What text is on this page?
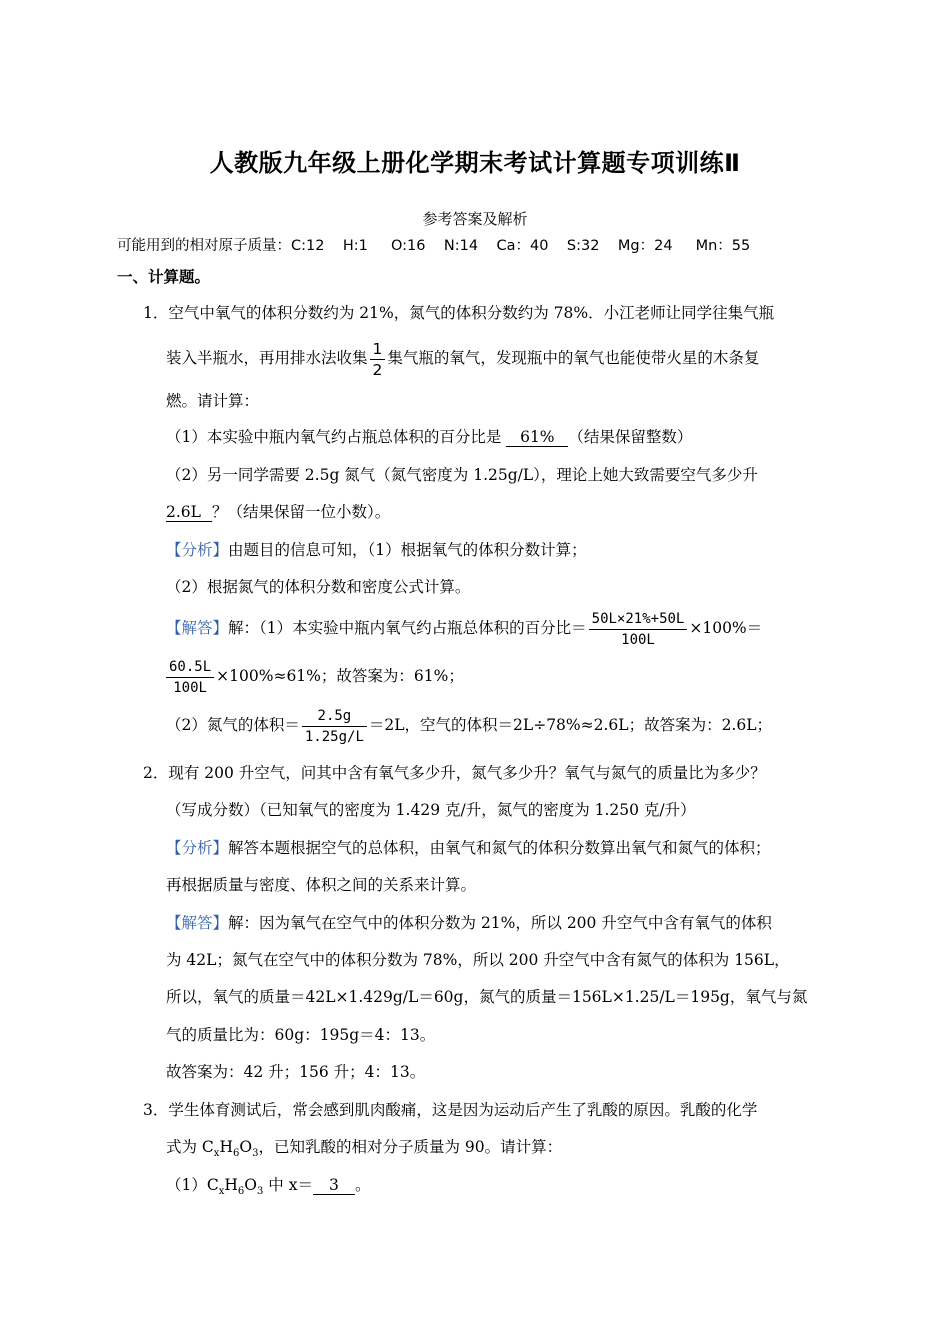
人教版九年级上册化学期末考试计算题专项训练Ⅱ
参考答案及解析
可能用到的相对原子质量：C:12    H:1     O:16    N:14    Ca：40    S:32    Mg：24     Mn：55
一、计算题。
1．空气中氧气的体积分数约为 21%，氮气的体积分数约为 78%．小江老师让同学往集气瓶
装入半瓶水，再用排水法收集 $\frac{1}{2}$ 集气瓶的氧气，发现瓶中的氧气也能使带火星的木条复
燃。请计算：
（1）本实验中瓶内氧气约占瓶总体积的百分比是 61% （结果保留整数）
（2）另一同学需要 2.5g 氮气（氮气密度为 1.25g/L），理论上她大致需要空气多少升
2.6L ？（结果保留一位小数）。
【分析】由题目的信息可知，（1）根据氧气的体积分数计算；
（2）根据氮气的体积分数和密度公式计算。
【解答】解：（1）本实验中瓶内氧气约占瓶总体积的百分比＝ $\frac{50L\times 21\%+50L}{100L} \times 100\%=$
$\frac{60.5L}{100L} \times 100\%\approx 61\%$；故答案为：61%；
（2）氮气的体积＝ $\frac{2.5g}{1.25g/L} =2L$，空气的体积＝2L÷78%≈2.6L；故答案为：2.6L；
2．现有 200 升空气，问其中含有氧气多少升，氮气多少升？氧气与氮气的质量比为多少？
（写成分数）（已知氧气的密度为 1.429 克/升，氮气的密度为 1.250 克/升）
【分析】解答本题根据空气的总体积，由氧气和氮气的体积分数算出氧气和氮气的体积；
再根据质量与密度、体积之间的关系来计算。
【解答】解：因为氧气在空气中的体积分数为 21%，所以 200 升空气中含有氧气的体积
为 42L；氮气在空气中的体积分数为 78%，所以 200 升空气中含有氮气的体积为 156L，
所以，氧气的质量＝42L×1.429g/L＝60g，氮气的质量＝156L×1.25/L＝195g，氧气与氮
气的质量比为：60g：195g＝4：13。
故答案为：42 升；156 升；4：13。
3．学生体育测试后，常会感到肌肉酸痛，这是因为运动后产生了乳酸的原因。乳酸的化学
式为 $C_xH_6O_3$，已知乳酸的相对分子质量为 90。请计算：
$(1)C_xH_6O_3$ 中 x＝ 3 。
